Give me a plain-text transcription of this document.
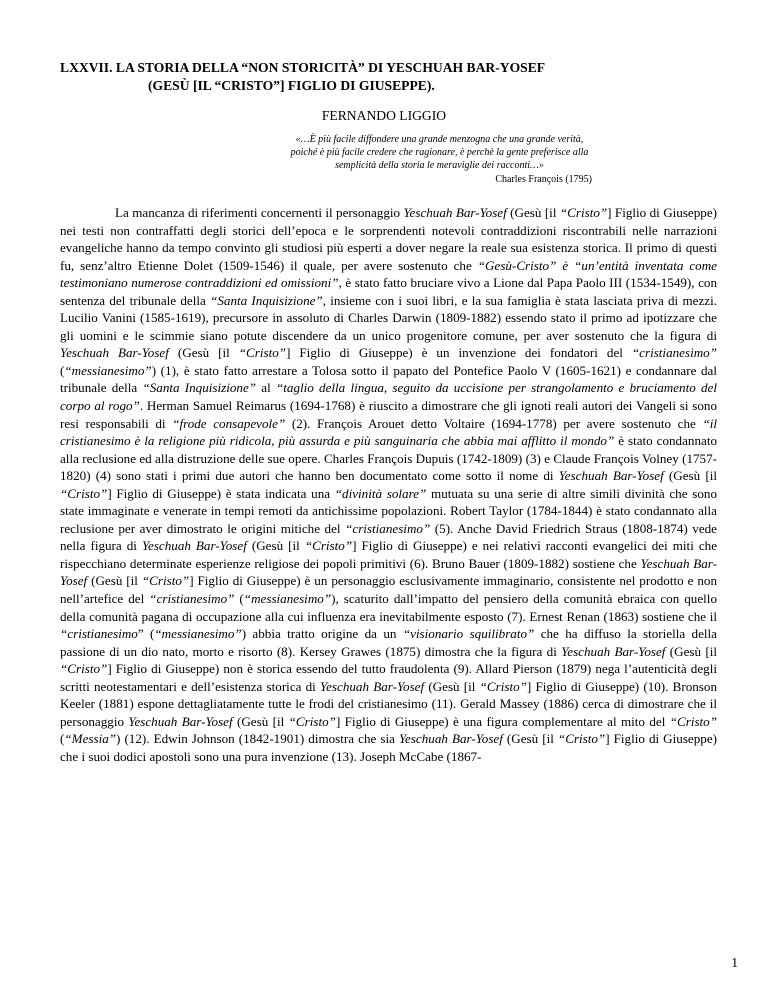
LXXVII. LA STORIA DELLA “NON STORICITÀ” DI YESCHUAH BAR-YOSEF
(GESÙ [IL “CRISTO”] FIGLIO DI GIUSEPPE).
FERNANDO LIGGIO
«…È più facile diffondere una grande menzogna che una grande verità, poiché è più facile credere che ragionare, è perchè la gente preferisce alla semplicità della storia le meraviglie dei racconti…»
Charles François (1795)

La mancanza di riferimenti concernenti il personaggio Yeschuah Bar-Yosef (Gesù [il “Cristo”] Figlio di Giuseppe) nei testi non contraffatti degli storici dell’epoca e le sorprendenti notevoli contraddizioni riscontrabili nelle narrazioni evangeliche hanno da tempo convinto gli studiosi più esperti a dover negare la reale sua esistenza storica. Il primo di questi fu, senz’altro Etienne Dolet (1509-1546) il quale, per avere sostenuto che “Gesù-Cristo” è “un’entità inventata come testimoniano numerose contraddizioni ed omissioni”, è stato fatto bruciare vivo a Lione dal Papa Paolo III (1534-1549), con sentenza del tribunale della “Santa Inquisizione”, insieme con i suoi libri, e la sua famiglia è stata lasciata priva di mezzi. Lucilio Vanini (1585-1619), precursore in assoluto di Charles Darwin (1809-1882) essendo stato il primo ad ipotizzare che gli uomini e le scimmie siano potute discendere da un unico progenitore comune, per aver sostenuto che la figura di Yeschuah Bar-Yosef (Gesù [il “Cristo”] Figlio di Giuseppe) è un invenzione dei fondatori del “cristianesimo” (“messianesimo”) (1), è stato fatto arrestare a Tolosa sotto il papato del Pontefice Paolo V (1605-1621) e condannare dal tribunale della “Santa Inquisizione” al “taglio della lingua, seguito da uccisione per strangolamento e bruciamento del corpo al rogo”. Herman Samuel Reimarus (1694-1768) è riuscito a dimostrare che gli ignoti reali autori dei Vangeli si sono resi responsabili di “frode consapevole” (2). François Arouet detto Voltaire (1694-1778) per avere sostenuto che “il cristianesimo è la religione più ridicola, più assurda e più sanguinaria che abbia mai afflitto il mondo” è stato condannato alla reclusione ed alla distruzione delle sue opere. Charles François Dupuis (1742-1809) (3) e Claude François Volney (1757-1820) (4) sono stati i primi due autori che hanno ben documentato come sotto il nome di Yeschuah Bar-Yosef (Gesù [il “Cristo”] Figlio di Giuseppe) è stata indicata una “divinità solare” mutuata su una serie di altre simili divinità che sono state immaginate e venerate in tempi remoti da antichissime popolazioni. Robert Taylor (1784-1844) è stato condannato alla reclusione per aver dimostrato le origini mitiche del “cristianesimo” (5). Anche David Friedrich Straus (1808-1874) vede nella figura di Yeschuah Bar-Yosef (Gesù [il “Cristo”] Figlio di Giuseppe) e nei relativi racconti evangelici dei miti che rispecchiano determinate esperienze religiose dei popoli primitivi (6). Bruno Bauer (1809-1882) sostiene che Yeschuah Bar-Yosef (Gesù [il “Cristo”] Figlio di Giuseppe) è un personaggio esclusivamente immaginario, consistente nel prodotto e non nell’artefice del “cristianesimo” (“messianesimo”), scaturito dall’impatto del pensiero della comunità ebraica con quello della comunità pagana di occupazione alla cui influenza era inevitabilmente esposto (7). Ernest Renan (1863) sostiene che il “cristianesimo” (“messianesimo”) abbia tratto origine da un “visionario squilibrato” che ha diffuso la storiella della passione di un dio nato, morto e risorto (8). Kersey Grawes (1875) dimostra che la figura di Yeschuah Bar-Yosef (Gesù [il “Cristo”] Figlio di Giuseppe) non è storica essendo del tutto fraudolenta (9). Allard Pierson (1879) nega l’autenticità degli scritti neotestamentari e dell’esistenza storica di Yeschuah Bar-Yosef (Gesù [il “Cristo”] Figlio di Giuseppe) (10). Bronson Keeler (1881) espone dettagliatamente tutte le frodi del cristianesimo (11). Gerald Massey (1886) cerca di dimostrare che il personaggio Yeschuah Bar-Yosef (Gesù [il “Cristo”] Figlio di Giuseppe) è una figura complementare al mito del “Cristo” (“Messia”) (12). Edwin Johnson (1842-1901) dimostra che sia Yeschuah Bar-Yosef (Gesù [il “Cristo”] Figlio di Giuseppe) che i suoi dodici apostoli sono una pura invenzione (13). Joseph McCabe (1867-

1
